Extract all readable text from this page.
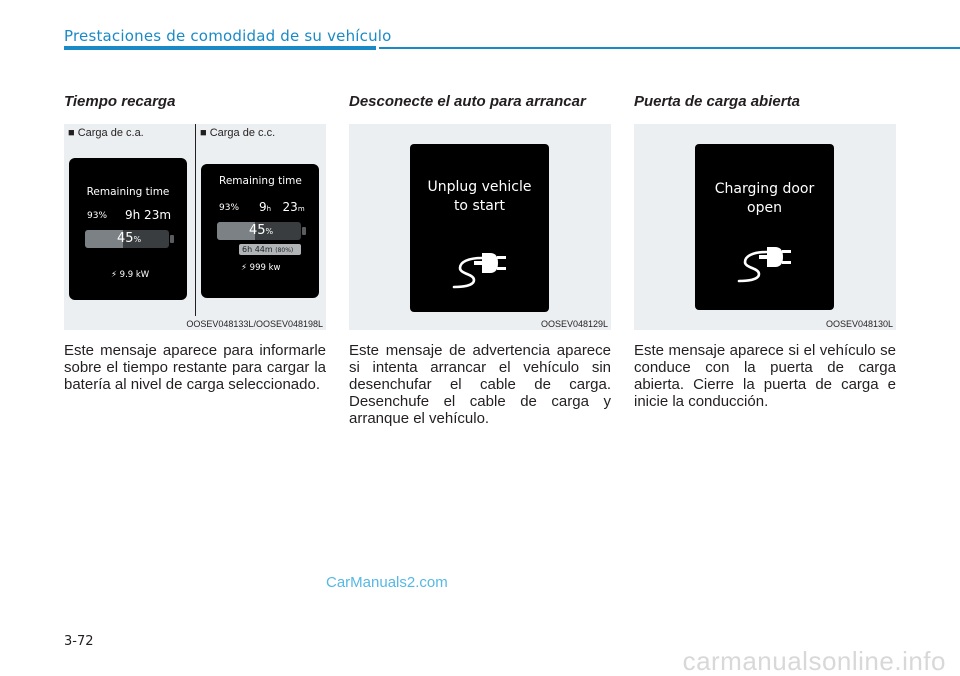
Prestaciones de comodidad de su vehículo
Tiempo recarga
■ Carga de c.a.	■ Carga de c.c.
Remaining time
93% 9h 23m
45%
⚡ 9.9 kW
Remaining time
93% 9h 23m
45%
6h 44m (80%)
⚡ 999 kw
OOSEV048133L/OOSEV048198L
Este mensaje aparece para informarle sobre el tiempo restante para cargar la batería al nivel de carga seleccionado.
Desconecte el auto para arrancar
Unplug vehicle to start
OOSEV048129L
Este mensaje de advertencia aparece si intenta arrancar el vehículo sin desenchufar el cable de carga. Desenchufe el cable de carga y arranque el vehículo.
Puerta de carga abierta
Charging door open
OOSEV048130L
Este mensaje aparece si el vehículo se conduce con la puerta de carga abierta. Cierre la puerta de carga e inicie la conducción.
CarManuals2.com
3-72
carmanualsonline.info
